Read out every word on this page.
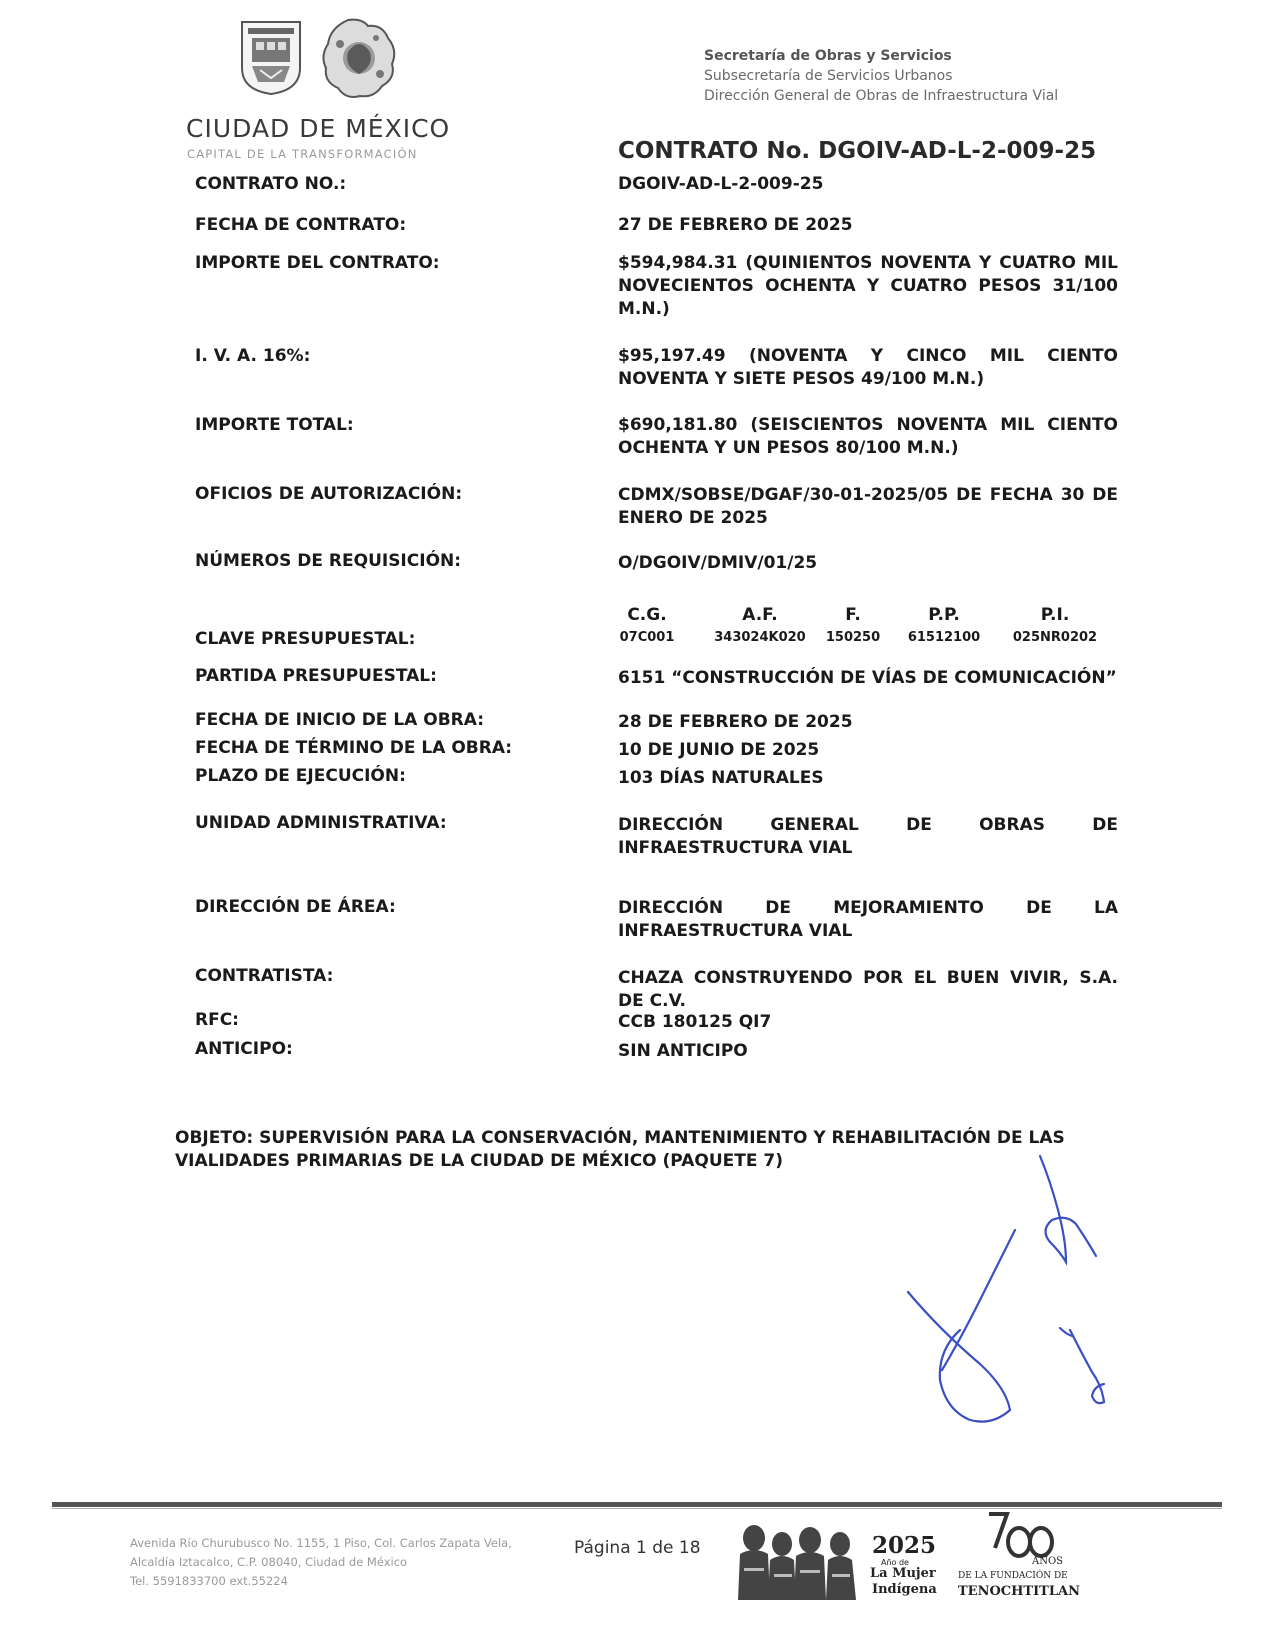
CIUDAD DE MÉXICO
CAPITAL DE LA TRANSFORMACIÓN
Secretaría de Obras y Servicios
Subsecretaría de Servicios Urbanos
Dirección General de Obras de Infraestructura Vial
CONTRATO No. DGOIV-AD-L-2-009-25
CONTRATO NO.:	DGOIV-AD-L-2-009-25
FECHA DE CONTRATO:	27 DE FEBRERO DE 2025
IMPORTE DEL CONTRATO:	$594,984.31 (QUINIENTOS NOVENTA Y CUATRO MIL NOVECIENTOS OCHENTA Y CUATRO PESOS 31/100 M.N.)
I. V. A. 16%:	$95,197.49 (NOVENTA Y CINCO MIL CIENTO NOVENTA Y SIETE PESOS 49/100 M.N.)
IMPORTE TOTAL:	$690,181.80 (SEISCIENTOS NOVENTA MIL CIENTO OCHENTA Y UN PESOS 80/100 M.N.)
OFICIOS DE AUTORIZACIÓN:	CDMX/SOBSE/DGAF/30-01-2025/05 DE FECHA 30 DE ENERO DE 2025
NÚMEROS DE REQUISICIÓN:	O/DGOIV/DMIV/01/25
CLAVE PRESUPUESTAL:
C.G.	A.F.	F.	P.P.	P.I.
07C001	343024K020	150250	61512100	025NR0202
PARTIDA PRESUPUESTAL:	6151 “CONSTRUCCIÓN DE VÍAS DE COMUNICACIÓN”
FECHA DE INICIO DE LA OBRA:	28 DE FEBRERO DE 2025
FECHA DE TÉRMINO DE LA OBRA:	10 DE JUNIO DE 2025
PLAZO DE EJECUCIÓN:	103 DÍAS NATURALES
UNIDAD ADMINISTRATIVA:	DIRECCIÓN GENERAL DE OBRAS DE INFRAESTRUCTURA VIAL
DIRECCIÓN DE ÁREA:	DIRECCIÓN DE MEJORAMIENTO DE LA INFRAESTRUCTURA VIAL
CONTRATISTA:	CHAZA CONSTRUYENDO POR EL BUEN VIVIR, S.A. DE C.V.
RFC:	CCB 180125 QI7
ANTICIPO:	SIN ANTICIPO
OBJETO: SUPERVISIÓN PARA LA CONSERVACIÓN, MANTENIMIENTO Y REHABILITACIÓN DE LAS VIALIDADES PRIMARIAS DE LA CIUDAD DE MÉXICO (PAQUETE 7)
Avenida Río Churubusco No. 1155, 1 Piso, Col. Carlos Zapata Vela,
Alcaldía Iztacalco, C.P. 08040, Ciudad de México
Tel. 5591833700 ext.55224
Página 1 de 18	2025
Año de
La Mujer
Indígena
AÑOS
DE LA FUNDACIÓN DE
TENOCHTITLAN
